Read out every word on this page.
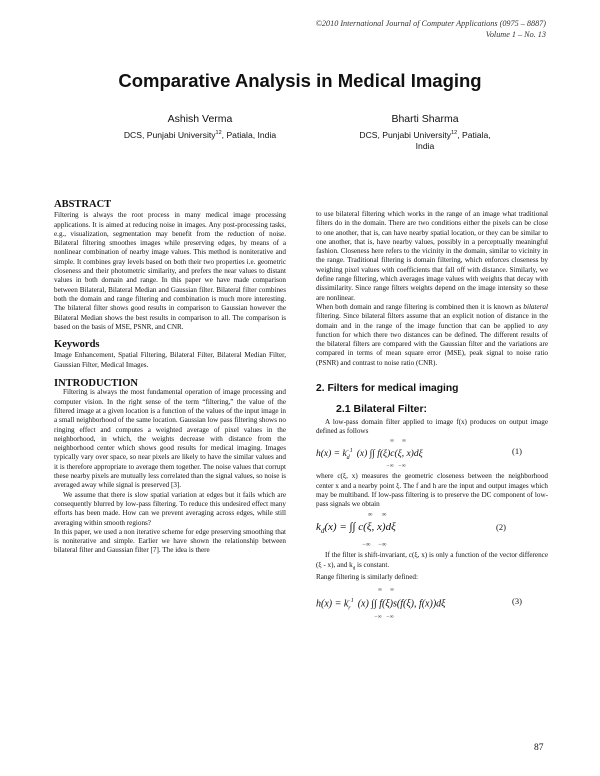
©2010 International Journal of Computer Applications (0975 – 8887)
Volume 1 – No. 13
Comparative Analysis in Medical Imaging
Ashish Verma
DCS, Punjabi University$^{12}$, Patiala, India
Bharti Sharma
DCS, Punjabi University$^{12}$, Patiala,
India
ABSTRACT

Filtering is always the root process in many medical image processing applications. It is aimed at reducing noise in images. Any post-processing tasks, e.g., visualization, segmentation may benefit from the reduction of noise. Bilateral filtering smoothes images while preserving edges, by means of a nonlinear combination of nearby image values. This method is noniterative and simple. It combines gray levels based on both their two properties i.e. geometric closeness and their photometric similarity, and prefers the near values to distant values in both domain and range. In this paper we have made comparison between Bilateral, Bilateral Median and Gaussian filter. Bilateral filter combines both the domain and range filtering and combination is much more interesting. The bilateral filter shows good results in comparison to Gaussian however the Bilateral Median shows the best results in comparison to all. The comparison is based on the basis of MSE, PSNR, and CNR.

Keywords

Image Enhancement, Spatial Filtering, Bilateral Filter, Bilateral Median Filter, Gaussian Filter, Medical Images.

INTRODUCTION

Filtering is always the most fundamental operation of image processing and computer vision. In the right sense of the term “filtering,” the value of the filtered image at a given location is a function of the values of the input image in a small neighborhood of the same location. Gaussian low pass filtering shows no ringing effect and computes a weighted average of pixel values in the neighborhood, in which, the weights decrease with distance from the neighborhood center which shows good results for medical imaging. Images typically vary over space, so near pixels are likely to have the similar values and it is therefore appropriate to average them together. The noise values that corrupt these nearby pixels are mutually less correlated than the signal values, so noise is averaged away while signal is preserved [3].

We assume that there is slow spatial variation at edges but it fails which are consequently blurred by low-pass filtering. To reduce this undesired effect many efforts has been made. How can we prevent averaging across edges, while still averaging within smooth regions?

In this paper, we used a non iterative scheme for edge preserving smoothing that is noniterative and simple. Earlier we have shown the relationship between bilateral filter and Gaussian filter [7]. The idea is there

to use bilateral filtering which works in the range of an image what traditional filters do in the domain. There are two conditions either the pixels can be close to one another, that is, can have nearby spatial location, or they can be similar to one another, that is, have nearby values, possibly in a perceptually meaningful fashion. Closeness here refers to the vicinity in the domain, similar to vicinity in the range. Traditional filtering is domain filtering, which enforces closeness by weighing pixel values with coefficients that fall off with distance. Similarly, we define range filtering, which averages image values with weights that decay with dissimilarity. Since range filters weights depend on the image intensity so these are nonlinear.

When both domain and range filtering is combined then it is known as bilateral filtering. Since bilateral filters assume that an explicit notion of distance in the domain and in the range of the image function that can be applied to any function for which there two distances can be defined. The different results of the bilateral filters are compared with the Gaussian filter and the variations are compared in terms of mean square error (MSE), peak signal to noise ratio (PSNR) and contrast to noise ratio (CNR).

2. Filters for medical imaging
2.1 Bilateral Filter:

A low-pass domain filter applied to image f(x) produces on output image defined as follows

$h(x) = k_d^{-1}$ (x) ∫∫ f(ξ)c(ξ, x)dξ
∞ ∞
−∞ −∞
(1)

where c(ξ, x) measures the geometric closeness between the neighborhood center x and a nearby point ξ. The f and h are the input and output images which may be multiband. If low-pass filtering is to preserve the DC component of low-pass signals we obtain

$k_d(x)$ = ∫∫ c(ξ, x)dξ
∞ ∞
−∞ −∞
(2)

If the filter is shift-invariant, c(ξ, x) is only a function of the vector difference (ξ - x), and $k_d$ is constant.

Range filtering is similarly defined:

$h(x) = k_r^{-1}$ (x) ∫∫ f(ξ)s(f(ξ), f(x))dξ
∞ ∞
−∞ −∞
(3)
87
